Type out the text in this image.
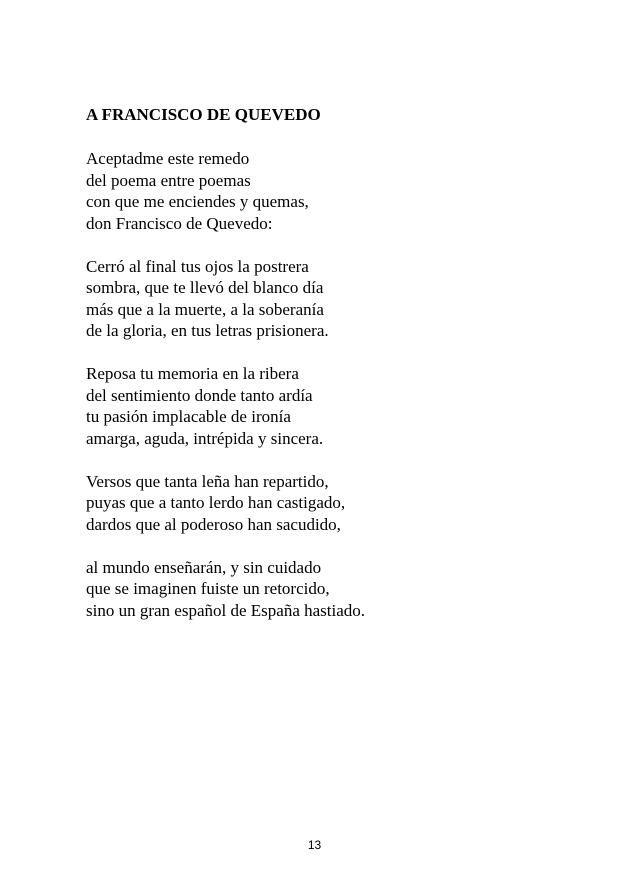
A FRANCISCO DE QUEVEDO
Aceptadme este remedo
del poema entre poemas
con que me enciendes y quemas,
don Francisco de Quevedo:
Cerró al final tus ojos la postrera
sombra, que te llevó del blanco día
más que a la muerte, a la soberanía
de la gloria, en tus letras prisionera.
Reposa tu memoria en la ribera
del sentimiento donde tanto ardía
tu pasión implacable de ironía
amarga, aguda, intrépida y sincera.
Versos que tanta leña han repartido,
puyas que a tanto lerdo han castigado,
dardos que al poderoso han sacudido,
al mundo enseñarán, y sin cuidado
que se imaginen fuiste un retorcido,
sino un gran español de España hastiado.
13
